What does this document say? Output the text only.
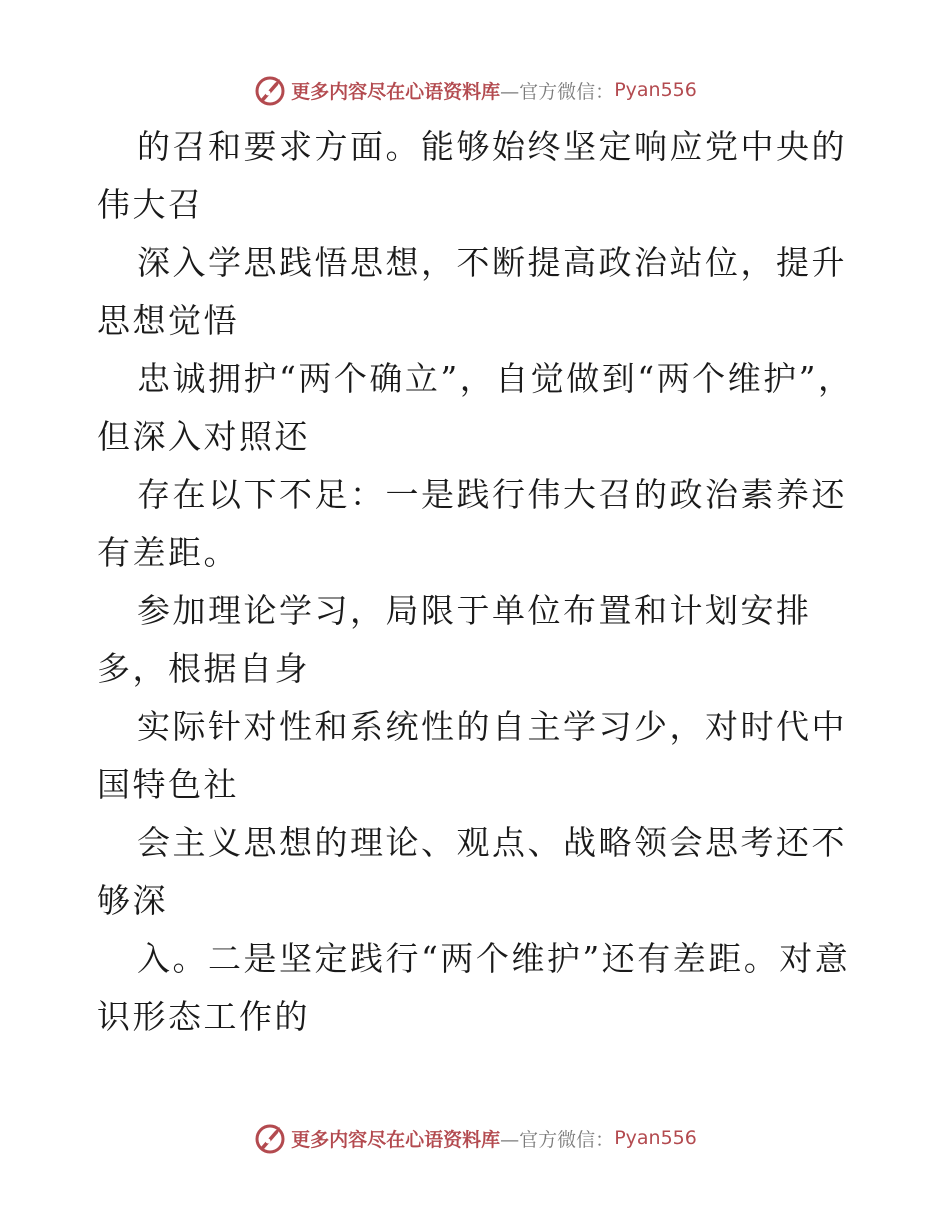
更多内容尽在心语资料库 —官方微信： Pyan556

的召和要求方面。能够始终坚定响应党中央的伟大召

深入学思践悟思想，不断提高政治站位，提升思想觉悟

忠诚拥护“两个确立”，自觉做到“两个维护”，但深入对照还

存在以下不足：一是践行伟大召的政治素养还有差距。

参加理论学习，局限于单位布置和计划安排多，根据自身

实际针对性和系统性的自主学习少，对时代中国特色社

会主义思想的理论、观点、战略领会思考还不够深

入。二是坚定践行“两个维护”还有差距。对意识形态工作的

更多内容尽在心语资料库 —官方微信： Pyan556
